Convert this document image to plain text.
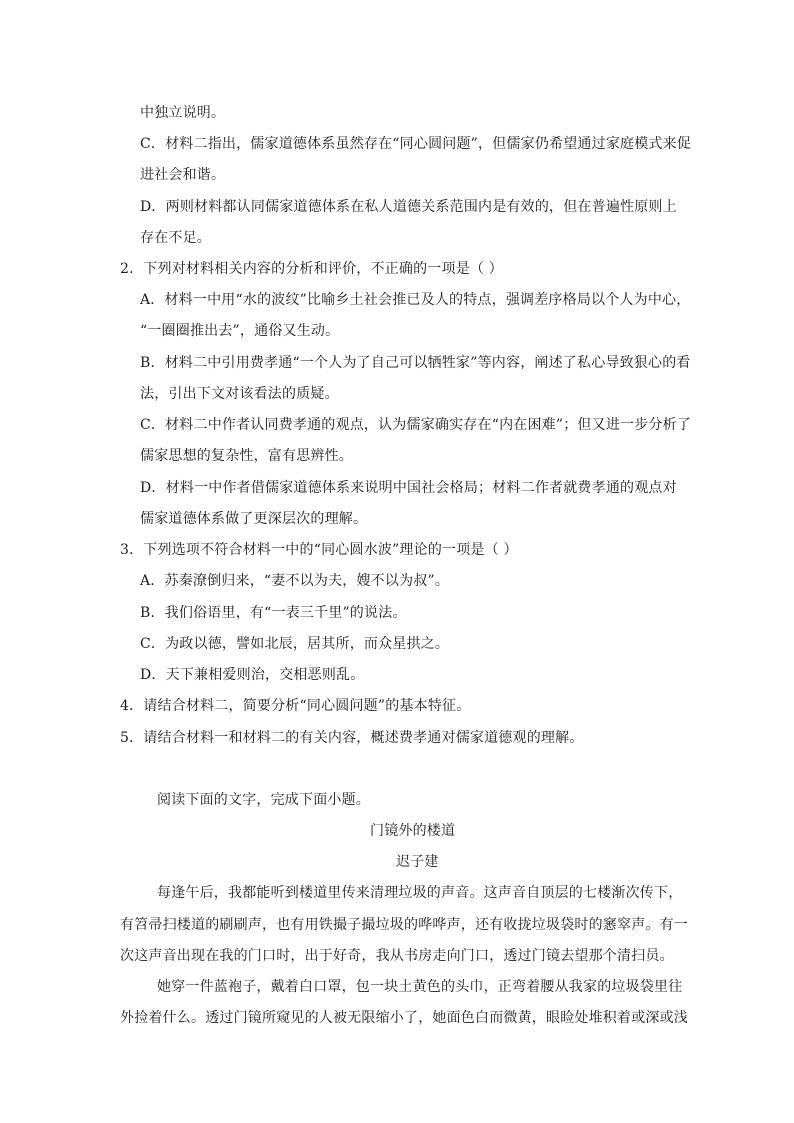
中独立说明。
C．材料二指出，儒家道德体系虽然存在“同心圆问题”，但儒家仍希望通过家庭模式来促
进社会和谐。
D．两则材料都认同儒家道德体系在私人道德关系范围内是有效的，但在普遍性原则上
存在不足。
2．下列对材料相关内容的分析和评价，不正确的一项是（ ）
A．材料一中用“水的波纹”比喻乡土社会推已及人的特点，强调差序格局以个人为中心，
“一圈圈推出去”，通俗又生动。
B．材料二中引用费孝通“一个人为了自己可以牺牲家”等内容，阐述了私心导致狠心的看
法，引出下文对该看法的质疑。
C．材料二中作者认同费孝通的观点，认为儒家确实存在“内在困难”；但又进一步分析了
儒家思想的复杂性，富有思辨性。
D．材料一中作者借儒家道德体系来说明中国社会格局；材料二作者就费孝通的观点对
儒家道德体系做了更深层次的理解。
3．下列选项不符合材料一中的“同心圆水波”理论的一项是（ ）
A．苏秦潦倒归来，“妻不以为夫，嫂不以为叔”。
B．我们俗语里，有“一表三千里”的说法。
C．为政以德，譬如北辰，居其所，而众星拱之。
D．天下兼相爱则治，交相恶则乱。
4．请结合材料二，简要分析“同心圆问题”的基本特征。
5．请结合材料一和材料二的有关内容，概述费孝通对儒家道德观的理解。
阅读下面的文字，完成下面小题。
门镜外的楼道
迟子建
每逢午后，我都能听到楼道里传来清理垃圾的声音。这声音自顶层的七楼渐次传下，
有笤帚扫楼道的刷刷声，也有用铁撮子撮垃圾的哗哗声，还有收拢垃圾袋时的窸窣声。有一
次这声音出现在我的门口时，出于好奇，我从书房走向门口，透过门镜去望那个清扫员。
她穿一件蓝袍子，戴着白口罩，包一块土黄色的头巾，正弯着腰从我家的垃圾袋里往
外捡着什么。透过门镜所窥见的人被无限缩小了，她面色白而微黄，眼睑处堆积着或深或浅
